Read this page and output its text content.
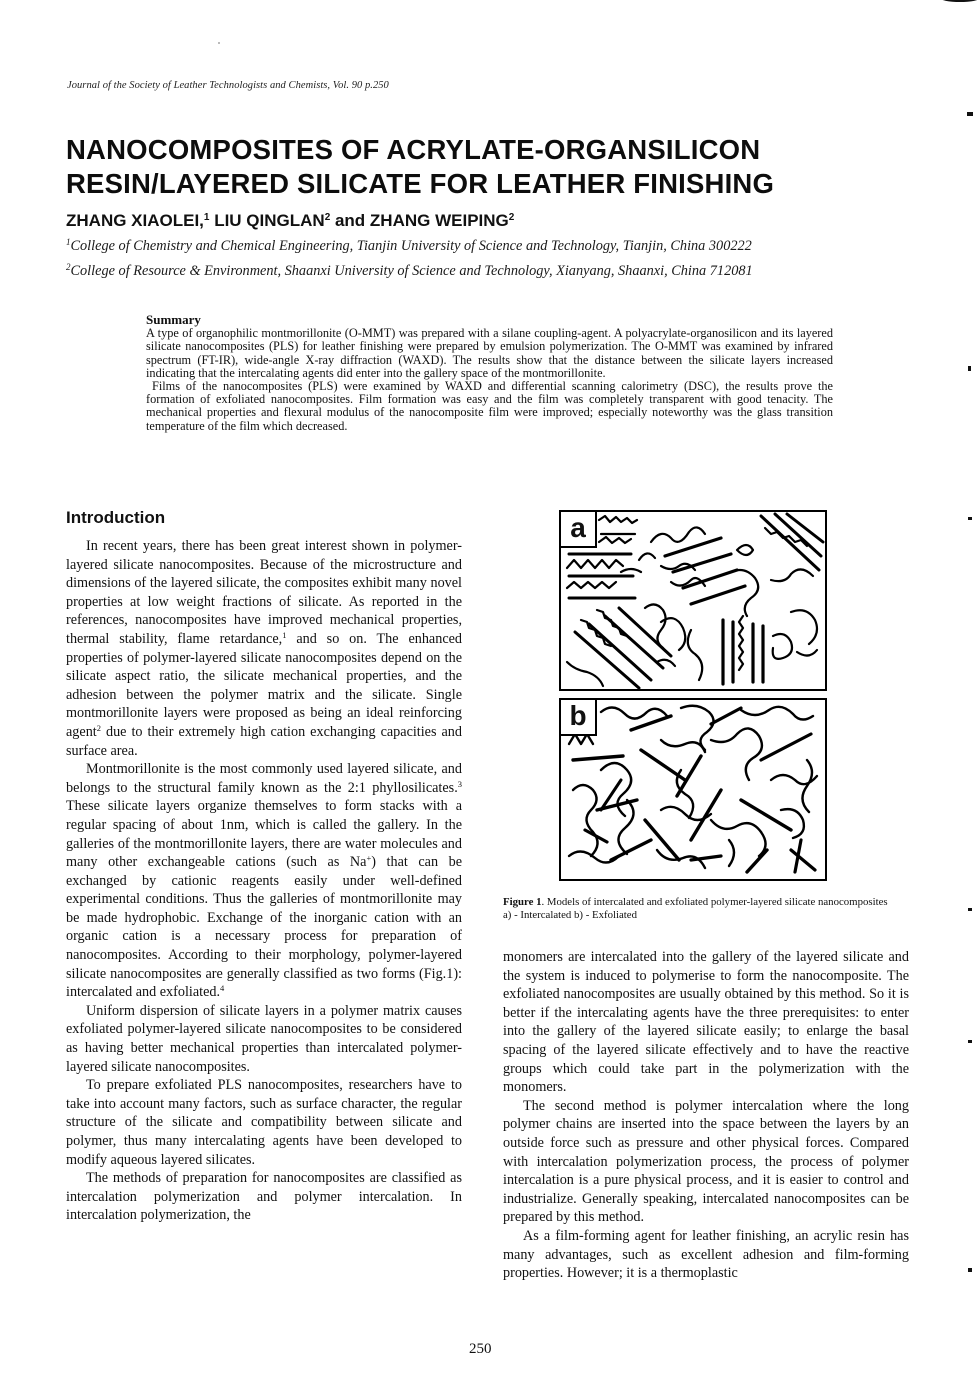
Journal of the Society of Leather Technologists and Chemists, Vol. 90 p.250
NANOCOMPOSITES OF ACRYLATE-ORGANSILICON
RESIN/LAYERED SILICATE FOR LEATHER FINISHING
ZHANG XIAOLEI,$^1$ LIU QINGLAN$^2$ and ZHANG WEIPING$^2$
$^1$College of Chemistry and Chemical Engineering, Tianjin University of Science and Technology, Tianjin, China 300222
$^2$College of Resource & Environment, Shaanxi University of Science and Technology, Xianyang, Shaanxi, China 712081
Summary

A type of organophilic montmorillonite (O-MMT) was prepared with a silane coupling-agent. A polyacrylate-organosilicon and its layered silicate nanocomposites (PLS) for leather finishing were prepared by emulsion polymerization. The O-MMT was examined by infrared spectrum (FT-IR), wide-angle X-ray diffraction (WAXD). The results show that the distance between the silicate layers increased indicating that the intercalating agents did enter into the gallery space of the montmorillonite.

Films of the nanocomposites (PLS) were examined by WAXD and differential scanning calorimetry (DSC), the results prove the formation of exfoliated nanocomposites. Film formation was easy and the film was completely transparent with good tenacity. The mechanical properties and flexural modulus of the nanocomposite film were improved; especially noteworthy was the glass transition temperature of the film which decreased.

Introduction

In recent years, there has been great interest shown in polymer-layered silicate nanocomposites. Because of the microstructure and dimensions of the layered silicate, the composites exhibit many novel properties at low weight fractions of silicate. As reported in the references, nanocomposites have improved mechanical properties, thermal stability, flame retardance,$^1$ and so on. The enhanced properties of polymer-layered silicate nanocomposites depend on the silicate aspect ratio, the silicate mechanical properties, and the adhesion between the polymer matrix and the silicate. Single montmorillonite layers were proposed as being an ideal reinforcing agent$^2$ due to their extremely high cation exchanging capacities and surface area.

Montmorillonite is the most commonly used layered silicate, and belongs to the structural family known as the 2:1 phyllosilicates.$^3$ These silicate layers organize themselves to form stacks with a regular spacing of about 1nm, which is called the gallery. In the galleries of the montmorillonite layers, there are water molecules and many other exchangeable cations (such as Na+) that can be exchanged by cationic reagents easily under well-defined experimental conditions. Thus the galleries of montmorillonite may be made hydrophobic. Exchange of the inorganic cation with an organic cation is a necessary process for preparation of nanocomposites. According to their morphology, polymer-layered silicate nanocomposites are generally classified as two forms (Fig.1): intercalated and exfoliated.$^4$

Uniform dispersion of silicate layers in a polymer matrix causes exfoliated polymer-layered silicate nanocomposites to be considered as having better mechanical properties than intercalated polymer-layered silicate nanocomposites.

To prepare exfoliated PLS nanocomposites, researchers have to take into account many factors, such as surface character, the regular structure of the silicate and compatibility between silicate and polymer, thus many intercalating agents have been developed to modify aqueous layered silicates.

The methods of preparation for nanocomposites are classified as intercalation polymerization and polymer intercalation. In intercalation polymerization, the

a
b
Figure 1. Models of intercalated and exfoliated polymer-layered silicate nanocomposites
a) - Intercalated b) - Exfoliated

monomers are intercalated into the gallery of the layered silicate and the system is induced to polymerise to form the nanocomposite. The exfoliated nanocomposites are usually obtained by this method. So it is better if the intercalating agents have the three prerequisites: to enter into the gallery of the layered silicate easily; to enlarge the basal spacing of the layered silicate effectively and to have the reactive groups which could take part in the polymerization with the monomers.

The second method is polymer intercalation where the long polymer chains are inserted into the space between the layers by an outside force such as pressure and other physical forces. Compared with intercalation polymerization process, the process of polymer intercalation is a pure physical process, and it is easier to control and industrialize. Generally speaking, intercalated nanocomposites can be prepared by this method.

As a film-forming agent for leather finishing, an acrylic resin has many advantages, such as excellent adhesion and film-forming properties. However; it is a thermoplastic

250
